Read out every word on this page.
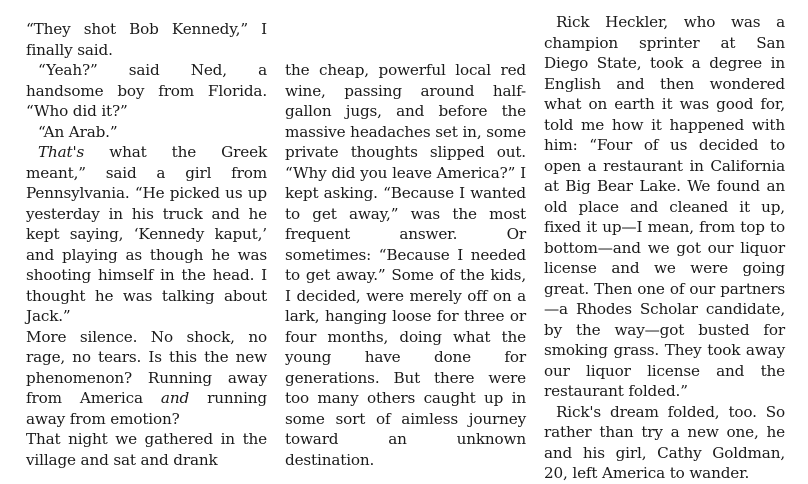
“They shot Bob Kennedy,” I finally said.

“Yeah?” said Ned, a handsome boy from Florida. “Who did it?”

“An Arab.”

That's what the Greek meant,” said a girl from Pennsylvania. “He picked us up yesterday in his truck and he kept saying, ‘Kennedy kaput,’ and playing as though he was shooting himself in the head. I thought he was talking about Jack.”

More silence. No shock, no rage, no tears. Is this the new phenomenon? Running away from America and running away from emotion?

That night we gathered in the village and sat and drank

the cheap, powerful local red wine, passing around half-gallon jugs, and before the massive headaches set in, some private thoughts slipped out. “Why did you leave America?” I kept asking. “Because I wanted to get away,” was the most frequent answer. Or sometimes: “Because I needed to get away.” Some of the kids, I decided, were merely off on a lark, hanging loose for three or four months, doing what the young have done for generations. But there were too many others caught up in some sort of aimless journey toward an unknown destination.

Rick Heckler, who was a champion sprinter at San Diego State, took a degree in English and then wondered what on earth it was good for, told me how it happened with him: “Four of us decided to open a restaurant in California at Big Bear Lake. We found an old place and cleaned it up, fixed it up—I mean, from top to bottom—and we got our liquor license and we were going great. Then one of our partners—a Rhodes Scholar candidate, by the way—got busted for smoking grass. They took away our liquor license and the restaurant folded.”

Rick's dream folded, too. So rather than try a new one, he and his girl, Cathy Goldman, 20, left America to wander.
